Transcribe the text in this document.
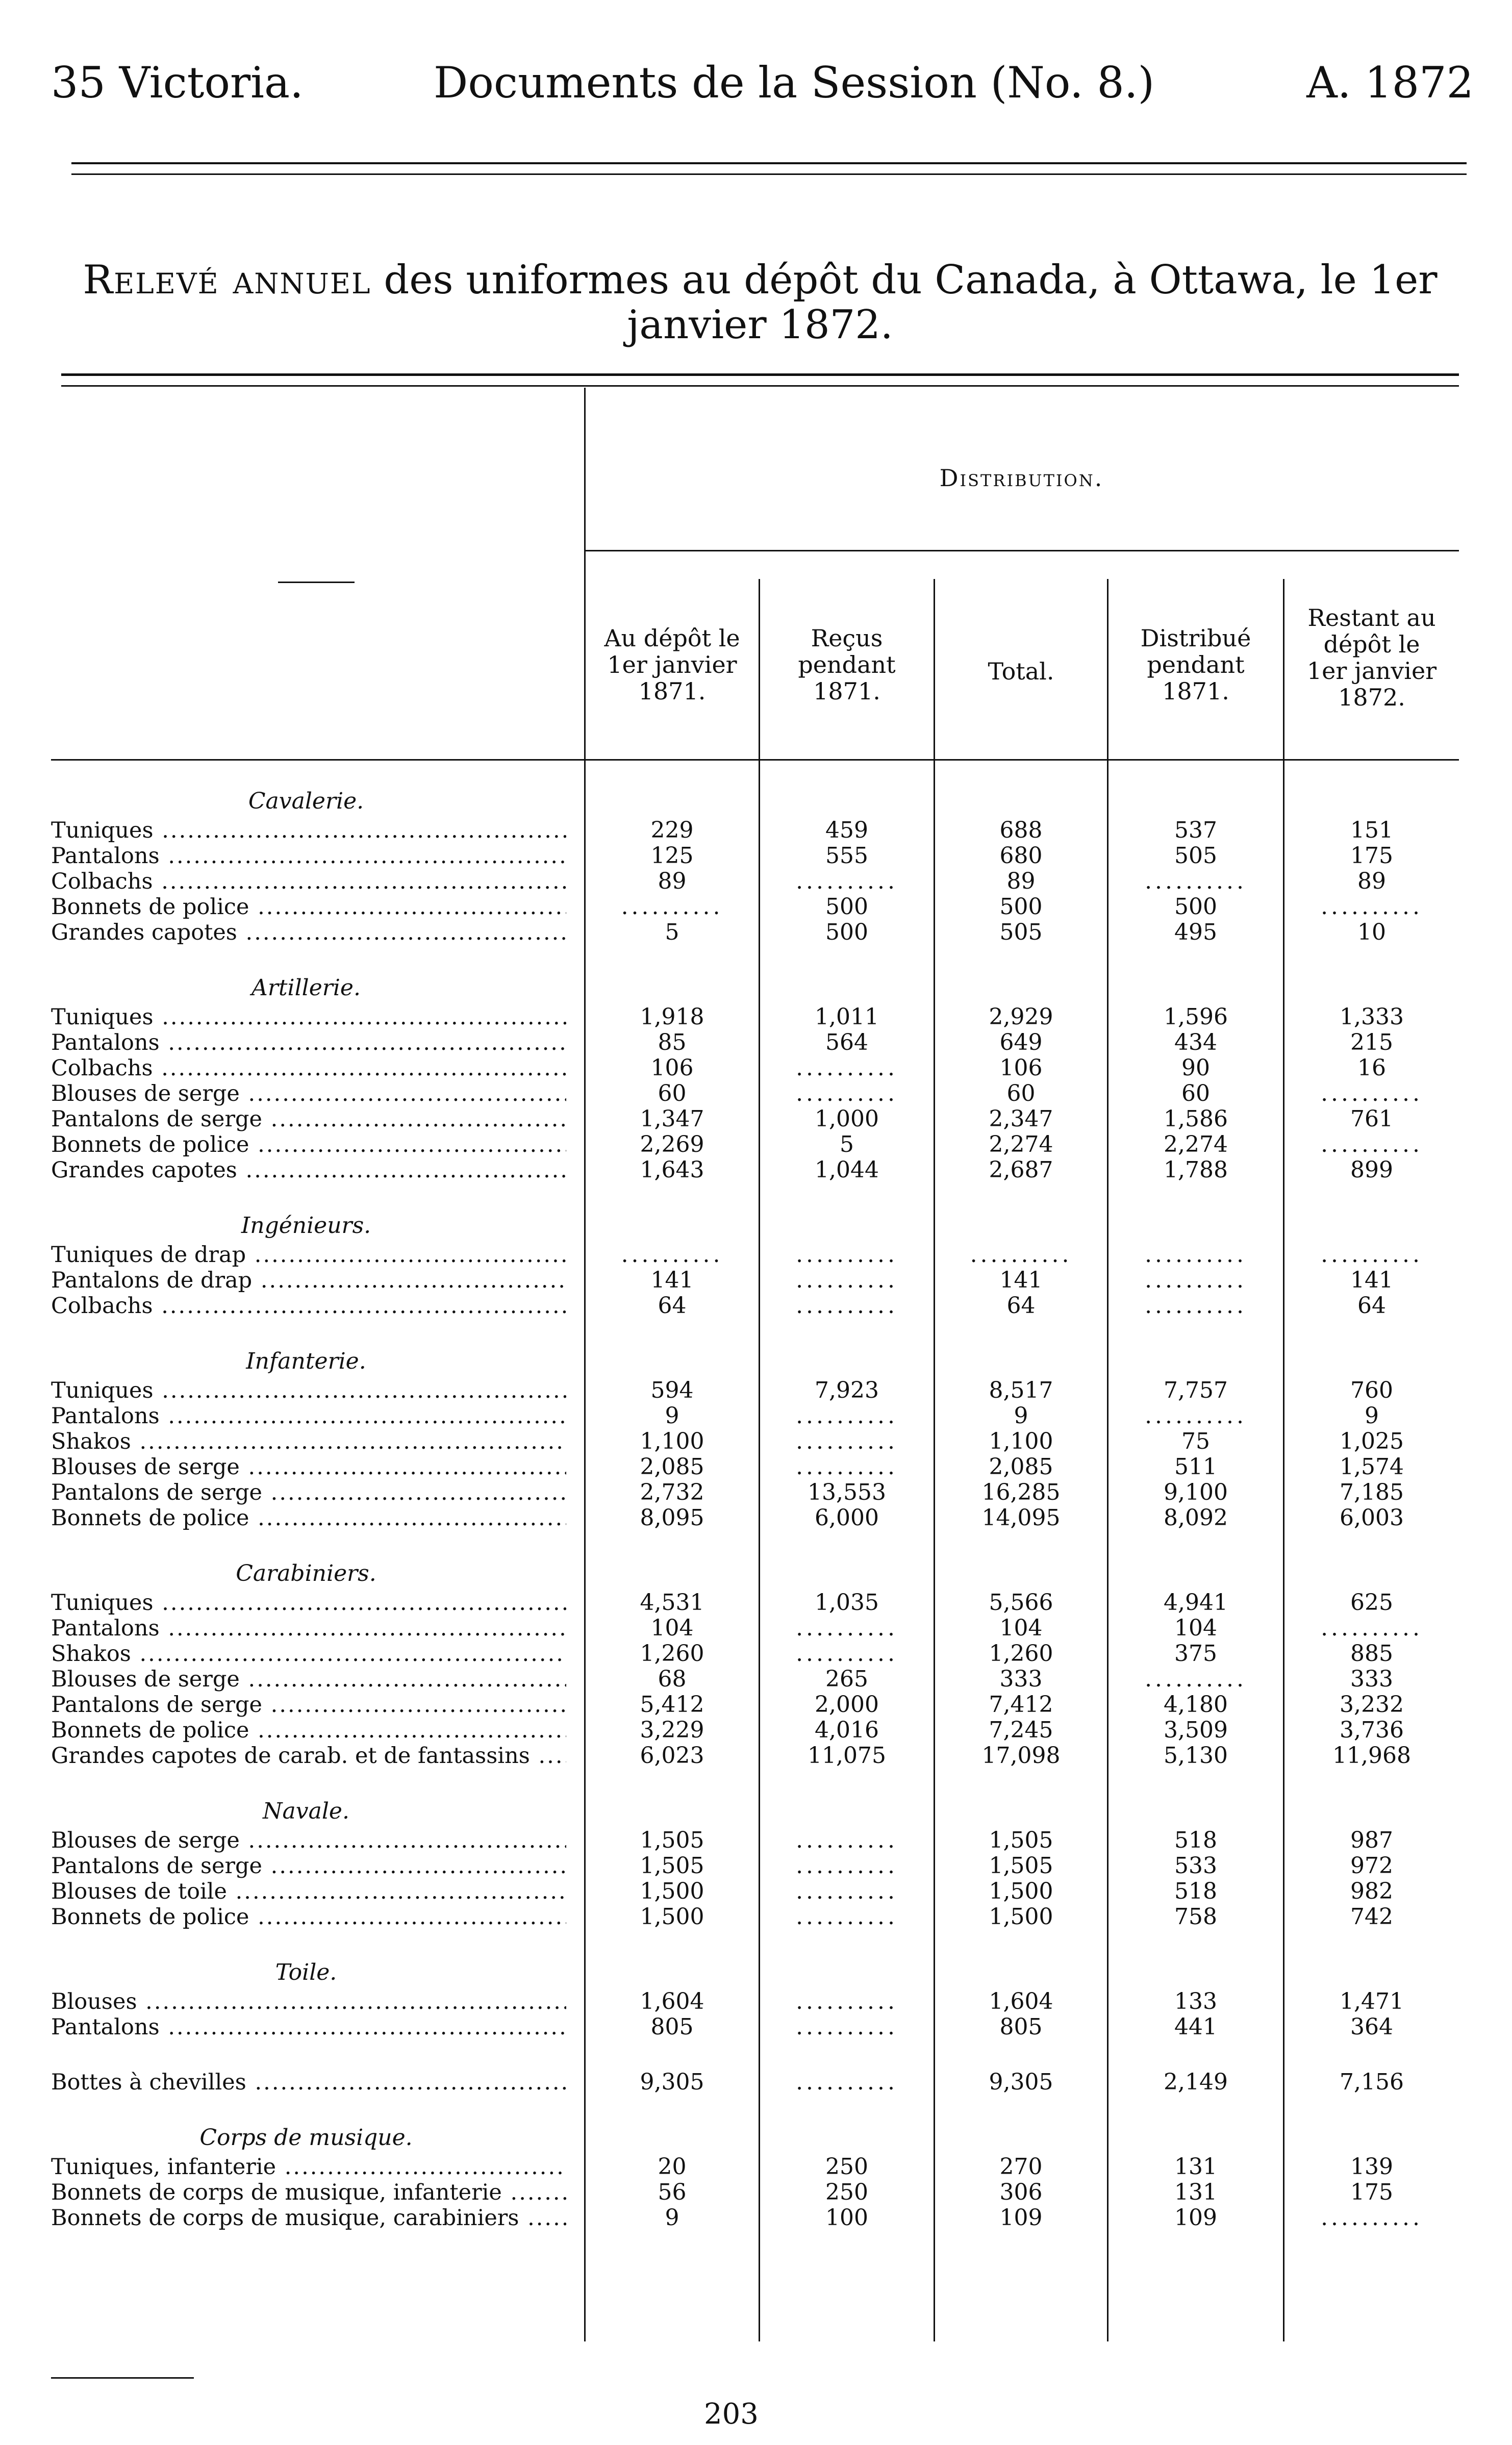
35 Victoria.	Documents de la Session (No. 8.)	A. 1872
Relevé annuel des uniformes au dépôt du Canada, à Ottawa, le 1er
janvier 1872.
Distribution.
Au dépôt le
1er janvier
1871.
Reçus
pendant
1871.
Total.
Distribué
pendant
1871.
Restant au
dépôt le
1er janvier
1872.
Cavalerie.
Tuniques .....	229	459	688	537	151
Pantalons .....	125	555	680	505	175
Colbachs .....	89	..........	89	..........	89
Bonnets de police .....	..........	500	500	500	..........
Grandes capotes .....	5	500	505	495	10
Artillerie.
Tuniques .....	1,918	1,011	2,929	1,596	1,333
Pantalons .....	85	564	649	434	215
Colbachs .....	106	..........	106	90	16
Blouses de serge .....	60	..........	60	60	..........
Pantalons de serge .....	1,347	1,000	2,347	1,586	761
Bonnets de police .....	2,269	5	2,274	2,274	..........
Grandes capotes .....	1,643	1,044	2,687	1,788	899
Ingénieurs.
Tuniques de drap .....	..........	..........	..........	..........	..........
Pantalons de drap .....	141	..........	141	..........	141
Colbachs .....	64	..........	64	..........	64
Infanterie.
Tuniques .....	594	7,923	8,517	7,757	760
Pantalons .....	9	..........	9	..........	9
Shakos .....	1,100	..........	1,100	75	1,025
Blouses de serge .....	2,085	..........	2,085	511	1,574
Pantalons de serge .....	2,732	13,553	16,285	9,100	7,185
Bonnets de police .....	8,095	6,000	14,095	8,092	6,003
Carabiniers.
Tuniques .....	4,531	1,035	5,566	4,941	625
Pantalons .....	104	..........	104	104	..........
Shakos .....	1,260	..........	1,260	375	885
Blouses de serge .....	68	265	333	..........	333
Pantalons de serge .....	5,412	2,000	7,412	4,180	3,232
Bonnets de police .....	3,229	4,016	7,245	3,509	3,736
Grandes capotes de carab. et de fantassins .....	6,023	11,075	17,098	5,130	11,968
Navale.
Blouses de serge .....	1,505	..........	1,505	518	987
Pantalons de serge .....	1,505	..........	1,505	533	972
Blouses de toile .....	1,500	..........	1,500	518	982
Bonnets de police .....	1,500	..........	1,500	758	742
Toile.
Blouses .....	1,604	..........	1,604	133	1,471
Pantalons .....	805	..........	805	441	364
Bottes à chevilles .....	9,305	..........	9,305	2,149	7,156
Corps de musique.
Tuniques, infanterie .....	20	250	270	131	139
Bonnets de corps de musique, infanterie .....	56	250	306	131	175
Bonnets de corps de musique, carabiniers .....	9	100	109	109	..........
203
